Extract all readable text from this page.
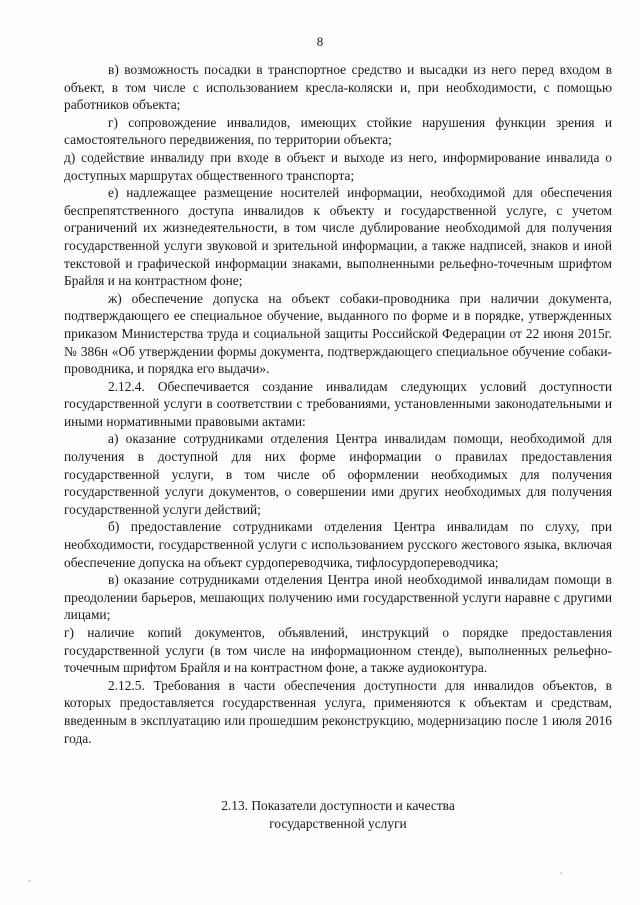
8

в) возможность посадки в транспортное средство и высадки из него перед входом в объект, в том числе с использованием кресла-коляски и, при необходимости, с помощью работников объекта;

г) сопровождение инвалидов, имеющих стойкие нарушения функции зрения и самостоятельного передвижения, по территории объекта;

д) содействие инвалиду при входе в объект и выходе из него, информирование инвалида о доступных маршрутах общественного транспорта;

е) надлежащее размещение носителей информации, необходимой для обеспечения беспрепятственного доступа инвалидов к объекту и государственной услуге, с учетом ограничений их жизнедеятельности, в том числе дублирование необходимой для получения государственной услуги звуковой и зрительной информации, а также надписей, знаков и иной текстовой и графической информации знаками, выполненными рельефно-точечным шрифтом Брайля и на контрастном фоне;

ж) обеспечение допуска на объект собаки-проводника при наличии документа, подтверждающего ее специальное обучение, выданного по форме и в порядке, утвержденных приказом Министерства труда и социальной защиты Российской Федерации от 22 июня 2015г. № 386н «Об утверждении формы документа, подтверждающего специальное обучение собаки-проводника, и порядка его выдачи».

2.12.4. Обеспечивается создание инвалидам следующих условий доступности государственной услуги в соответствии с требованиями, установленными законодательными и иными нормативными правовыми актами:

а) оказание сотрудниками отделения Центра инвалидам помощи, необходимой для получения в доступной для них форме информации о правилах предоставления государственной услуги, в том числе об оформлении необходимых для получения государственной услуги документов, о совершении ими других необходимых для получения государственной услуги действий;

б) предоставление сотрудниками отделения Центра инвалидам по слуху, при необходимости, государственной услуги с использованием русского жестового языка, включая обеспечение допуска на объект сурдопереводчика, тифлосурдопереводчика;

в) оказание сотрудниками отделения Центра иной необходимой инвалидам помощи в преодолении барьеров, мешающих получению ими государственной услуги наравне с другими лицами;

г) наличие копий документов, объявлений, инструкций о порядке предоставления государственной услуги (в том числе на информационном стенде), выполненных рельефно-точечным шрифтом Брайля и на контрастном фоне, а также аудиоконтура.

2.12.5. Требования в части обеспечения доступности для инвалидов объектов, в которых предоставляется государственная услуга, применяются к объектам и средствам, введенным в эксплуатацию или прошедшим реконструкцию, модернизацию после 1 июля 2016 года.

2.13. Показатели доступности и качества
государственной услуги
